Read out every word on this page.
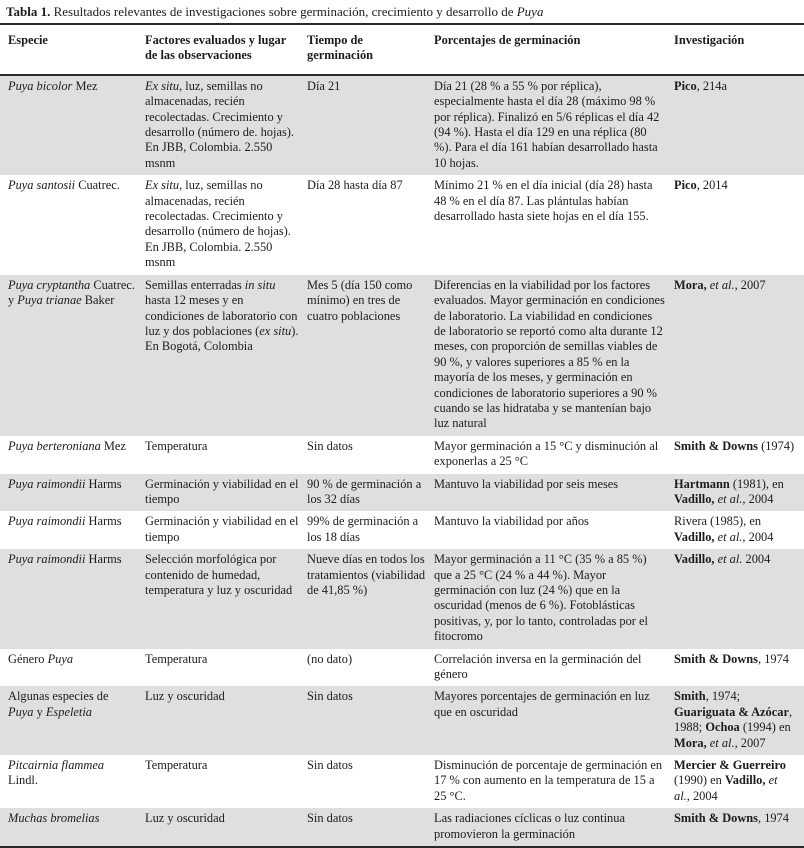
Tabla 1. Resultados relevantes de investigaciones sobre germinación, crecimiento y desarrollo de Puya
Especie	Factores evaluados y lugar de las observaciones	Tiempo de germinación	Porcentajes de germinación	Investigación
Puya bicolor Mez	Ex situ, luz, semillas no almacenadas, recién recolectadas. Crecimiento y desarrollo (número de. hojas). En JBB, Colombia. 2.550 msnm	Día 21	Día 21 (28 % a 55 % por réplica), especialmente hasta el día 28 (máximo 98 % por réplica). Finalizó en 5/6 réplicas el día 42 (94 %). Hasta el día 129 en una réplica (80 %). Para el día 161 habían desarrollado hasta 10 hojas.	Pico, 214a
Puya santosii Cuatrec.	Ex situ, luz, semillas no almacenadas, recién recolectadas. Crecimiento y desarrollo (número de hojas). En JBB, Colombia. 2.550 msnm	Día 28 hasta día 87	Mínimo 21 % en el día inicial (día 28) hasta 48 % en el día 87. Las plántulas habían desarrollado hasta siete hojas en el día 155.	Pico, 2014
Puya cryptantha Cuatrec. y Puya trianae Baker	Semillas enterradas in situ hasta 12 meses y en condiciones de laboratorio con luz y dos poblaciones (ex situ). En Bogotá, Colombia	Mes 5 (día 150 como mínimo) en tres de cuatro poblaciones	Diferencias en la viabilidad por los factores evaluados. Mayor germinación en condiciones de laboratorio. La viabilidad en condiciones de laboratorio se reportó como alta durante 12 meses, con proporción de semillas viables de 90 %, y valores superiores a 85 % en la mayoría de los meses, y germinación en condiciones de laboratorio superiores a 90 % cuando se las hidrataba y se mantenían bajo luz natural	Mora, et al., 2007
Puya berteroniana Mez	Temperatura	Sin datos	Mayor germinación a 15 °C y disminución al exponerlas a 25 °C	Smith & Downs (1974)
Puya raimondii Harms	Germinación y viabilidad en el tiempo	90 % de germinación a los 32 días	Mantuvo la viabilidad por seis meses	Hartmann (1981), en Vadillo, et al., 2004
Puya raimondii Harms	Germinación y viabilidad en el tiempo	99% de germinación a los 18 días	Mantuvo la viabilidad por años	Rivera (1985), en Vadillo, et al., 2004
Puya raimondii Harms	Selección morfológica por contenido de humedad, temperatura y luz y oscuridad	Nueve días en todos los tratamientos (viabilidad de 41,85 %)	Mayor germinación a 11 °C (35 % a 85 %) que a 25 °C (24 % a 44 %). Mayor germinación con luz (24 %) que en la oscuridad (menos de 6 %). Fotoblásticas positivas, y, por lo tanto, controladas por el fitocromo	Vadillo, et al. 2004
Género Puya	Temperatura	(no dato)	Correlación inversa en la germinación del género	Smith & Downs, 1974
Algunas especies de Puya y Espeletia	Luz y oscuridad	Sin datos	Mayores porcentajes de germinación en luz que en oscuridad	Smith, 1974; Guariguata & Azócar, 1988; Ochoa (1994) en Mora, et al., 2007
Pitcairnia flammea Lindl.	Temperatura	Sin datos	Disminución de porcentaje de germinación en 17 % con aumento en la temperatura de 15 a 25 °C.	Mercier & Guerreiro (1990) en Vadillo, et al., 2004
Muchas bromelias	Luz y oscuridad	Sin datos	Las radiaciones cíclicas o luz continua promovieron la germinación	Smith & Downs, 1974
